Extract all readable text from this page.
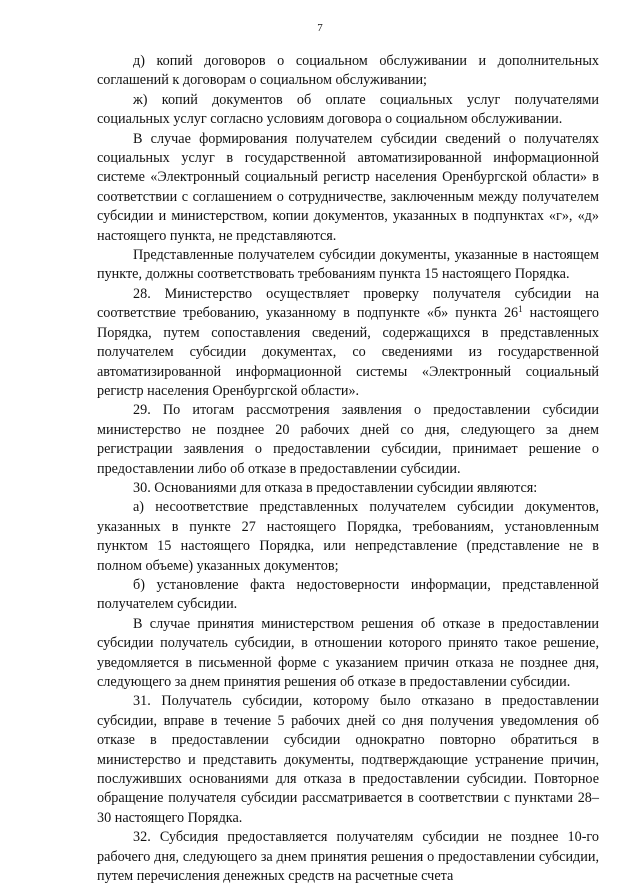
7

д) копий договоров о социальном обслуживании и дополнительных соглашений к договорам о социальном обслуживании;

ж) копий документов об оплате социальных услуг получателями социальных услуг согласно условиям договора о социальном обслуживании.

В случае формирования получателем субсидии сведений о получателях социальных услуг в государственной автоматизированной информационной системе «Электронный социальный регистр населения Оренбургской области» в соответствии с соглашением о сотрудничестве, заключенным между получателем субсидии и министерством, копии документов, указанных в подпунктах «г», «д» настоящего пункта, не представляются.

Представленные получателем субсидии документы, указанные в настоящем пункте, должны соответствовать требованиям пункта 15 настоящего Порядка.

28. Министерство осуществляет проверку получателя субсидии на соответствие требованию, указанному в подпункте «б» пункта $26^1$ настоящего Порядка, путем сопоставления сведений, содержащихся в представленных получателем субсидии документах, со сведениями из государственной автоматизированной информационной системы «Электронный социальный регистр населения Оренбургской области».

29. По итогам рассмотрения заявления о предоставлении субсидии министерство не позднее 20 рабочих дней со дня, следующего за днем регистрации заявления о предоставлении субсидии, принимает решение о предоставлении либо об отказе в предоставлении субсидии.

30. Основаниями для отказа в предоставлении субсидии являются:

а) несоответствие представленных получателем субсидии документов, указанных в пункте 27 настоящего Порядка, требованиям, установленным пунктом 15 настоящего Порядка, или непредставление (представление не в полном объеме) указанных документов;

б) установление факта недостоверности информации, представленной получателем субсидии.

В случае принятия министерством решения об отказе в предоставлении субсидии получатель субсидии, в отношении которого принято такое решение, уведомляется в письменной форме с указанием причин отказа не позднее дня, следующего за днем принятия решения об отказе в предоставлении субсидии.

31. Получатель субсидии, которому было отказано в предоставлении субсидии, вправе в течение 5 рабочих дней со дня получения уведомления об отказе в предоставлении субсидии однократно повторно обратиться в министерство и представить документы, подтверждающие устранение причин, послуживших основаниями для отказа в предоставлении субсидии. Повторное обращение получателя субсидии рассматривается в соответствии с пунктами 28–30 настоящего Порядка.

32. Субсидия предоставляется получателям субсидии не позднее 10-го рабочего дня, следующего за днем принятия решения о предоставлении субсидии, путем перечисления денежных средств на расчетные счета
